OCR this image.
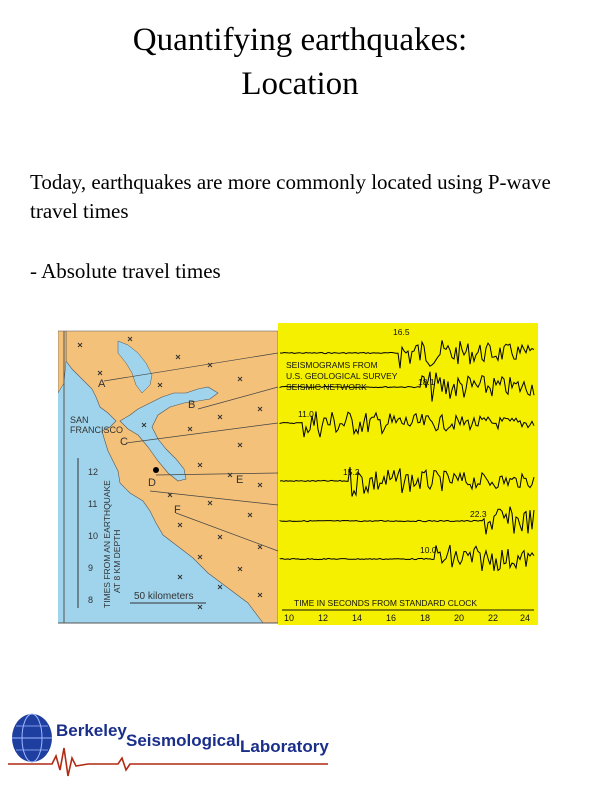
Quantifying earthquakes:
Location
Today, earthquakes are more commonly located using P-wave travel times
- Absolute travel times
A
B
C
D	E
F
SAN
FRANCISCO
8
9
10
11
12
TIMES FROM AN EARTHQUAKE AT 8 KM DEPTH
50 kilometers
SEISMOGRAMS FROM
U.S. GEOLOGICAL SURVEY
SEISMIC NETWORK
16.5
18.1
11.0
15.2
22.3
10.0
TIME IN SECONDS FROM STANDARD CLOCK
10	12	14	16	18	20	22 24
Berkeley
Seismological Laboratory
